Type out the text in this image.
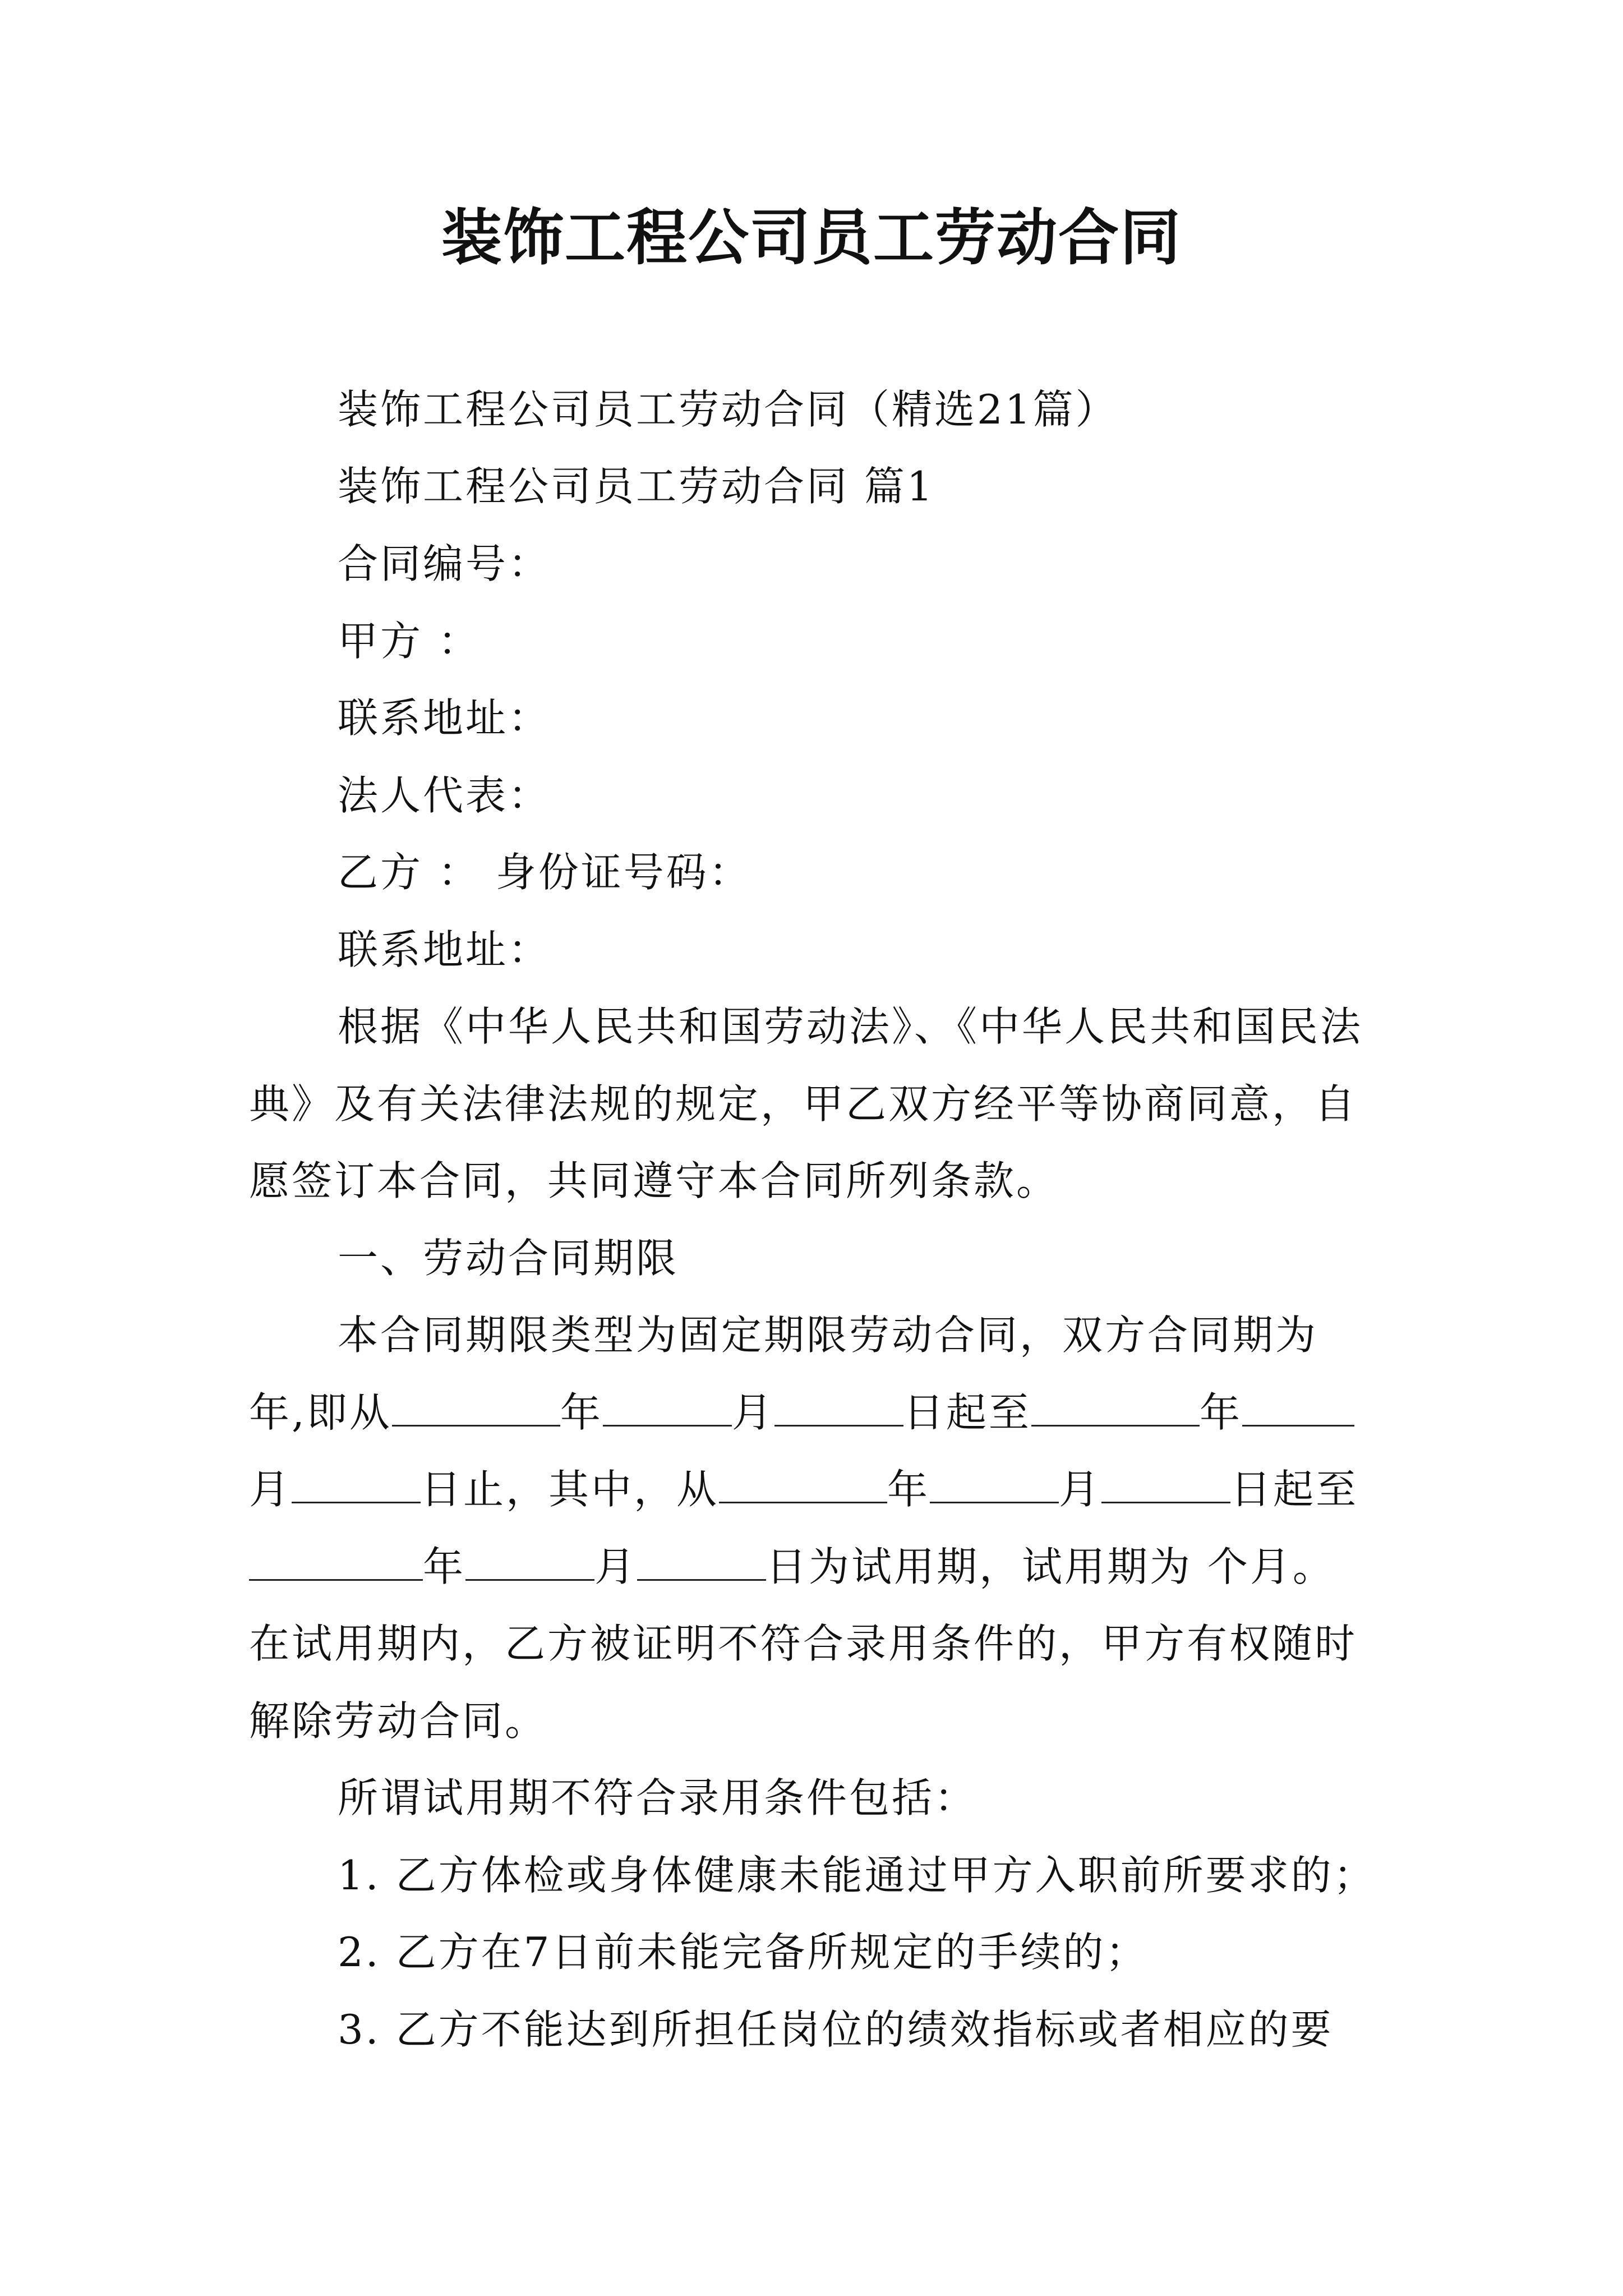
装饰工程公司员工劳动合同
装饰工程公司员工劳动合同（精选21篇）
装饰工程公司员工劳动合同 篇1
合同编号：
甲方 ：
联系地址：
法人代表：
乙方 ： 身份证号码：
联系地址：
根据《中华人民共和国劳动法》、《中华人民共和国民法
典》及有关法律法规的规定，甲乙双方经平等协商同意，自
愿签订本合同，共同遵守本合同所列条款。
一、劳动合同期限
本合同期限类型为固定期限劳动合同，双方合同期为
年,即从	年	月	日起至	年
月	日止，其中，从	年	月	日起至
年	月	日为试用期，试用期为 个月。
在试用期内，乙方被证明不符合录用条件的，甲方有权随时
解除劳动合同。
所谓试用期不符合录用条件包括：
1. 乙方体检或身体健康未能通过甲方入职前所要求的；
2. 乙方在7日前未能完备所规定的手续的；
3. 乙方不能达到所担任岗位的绩效指标或者相应的要
